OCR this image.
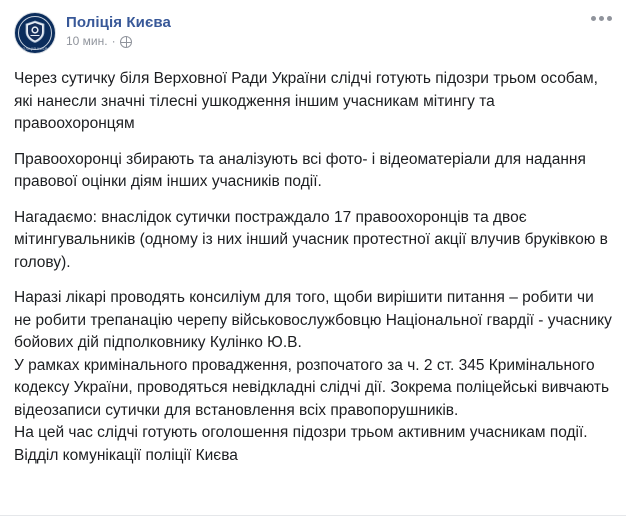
ПОЛІЦІЯ КИЄВА
Поліція Києва
10 мин. ·

Через сутичку біля Верховної Ради України слідчі готують підозри трьом особам, які нанесли значні тілесні ушкодження іншим учасникам мітингу та правоохоронцям

Правоохоронці збирають та аналізують всі фото- і відеоматеріали для надання правової оцінки діям інших учасників події.

Нагадаємо: внаслідок сутички постраждало 17 правоохоронців та двоє мітингувальників (одному із них інший учасник протестної акції влучив бруківкою в голову).

Наразі лікарі проводять консиліум для того, щоби вирішити питання – робити чи не робити трепанацію черепу військовослужбовцю Національної гвардії - учаснику бойових дій підполковнику Кулінко Ю.В.

У рамках кримінального провадження, розпочатого за ч. 2 ст. 345 Кримінального кодексу України, проводяться невідкладні слідчі дії. Зокрема поліцейські вивчають відеозаписи сутички для встановлення всіх правопорушників.

На цей час слідчі готують оголошення підозри трьом активним учасникам події.

Відділ комунікації поліції Києва
